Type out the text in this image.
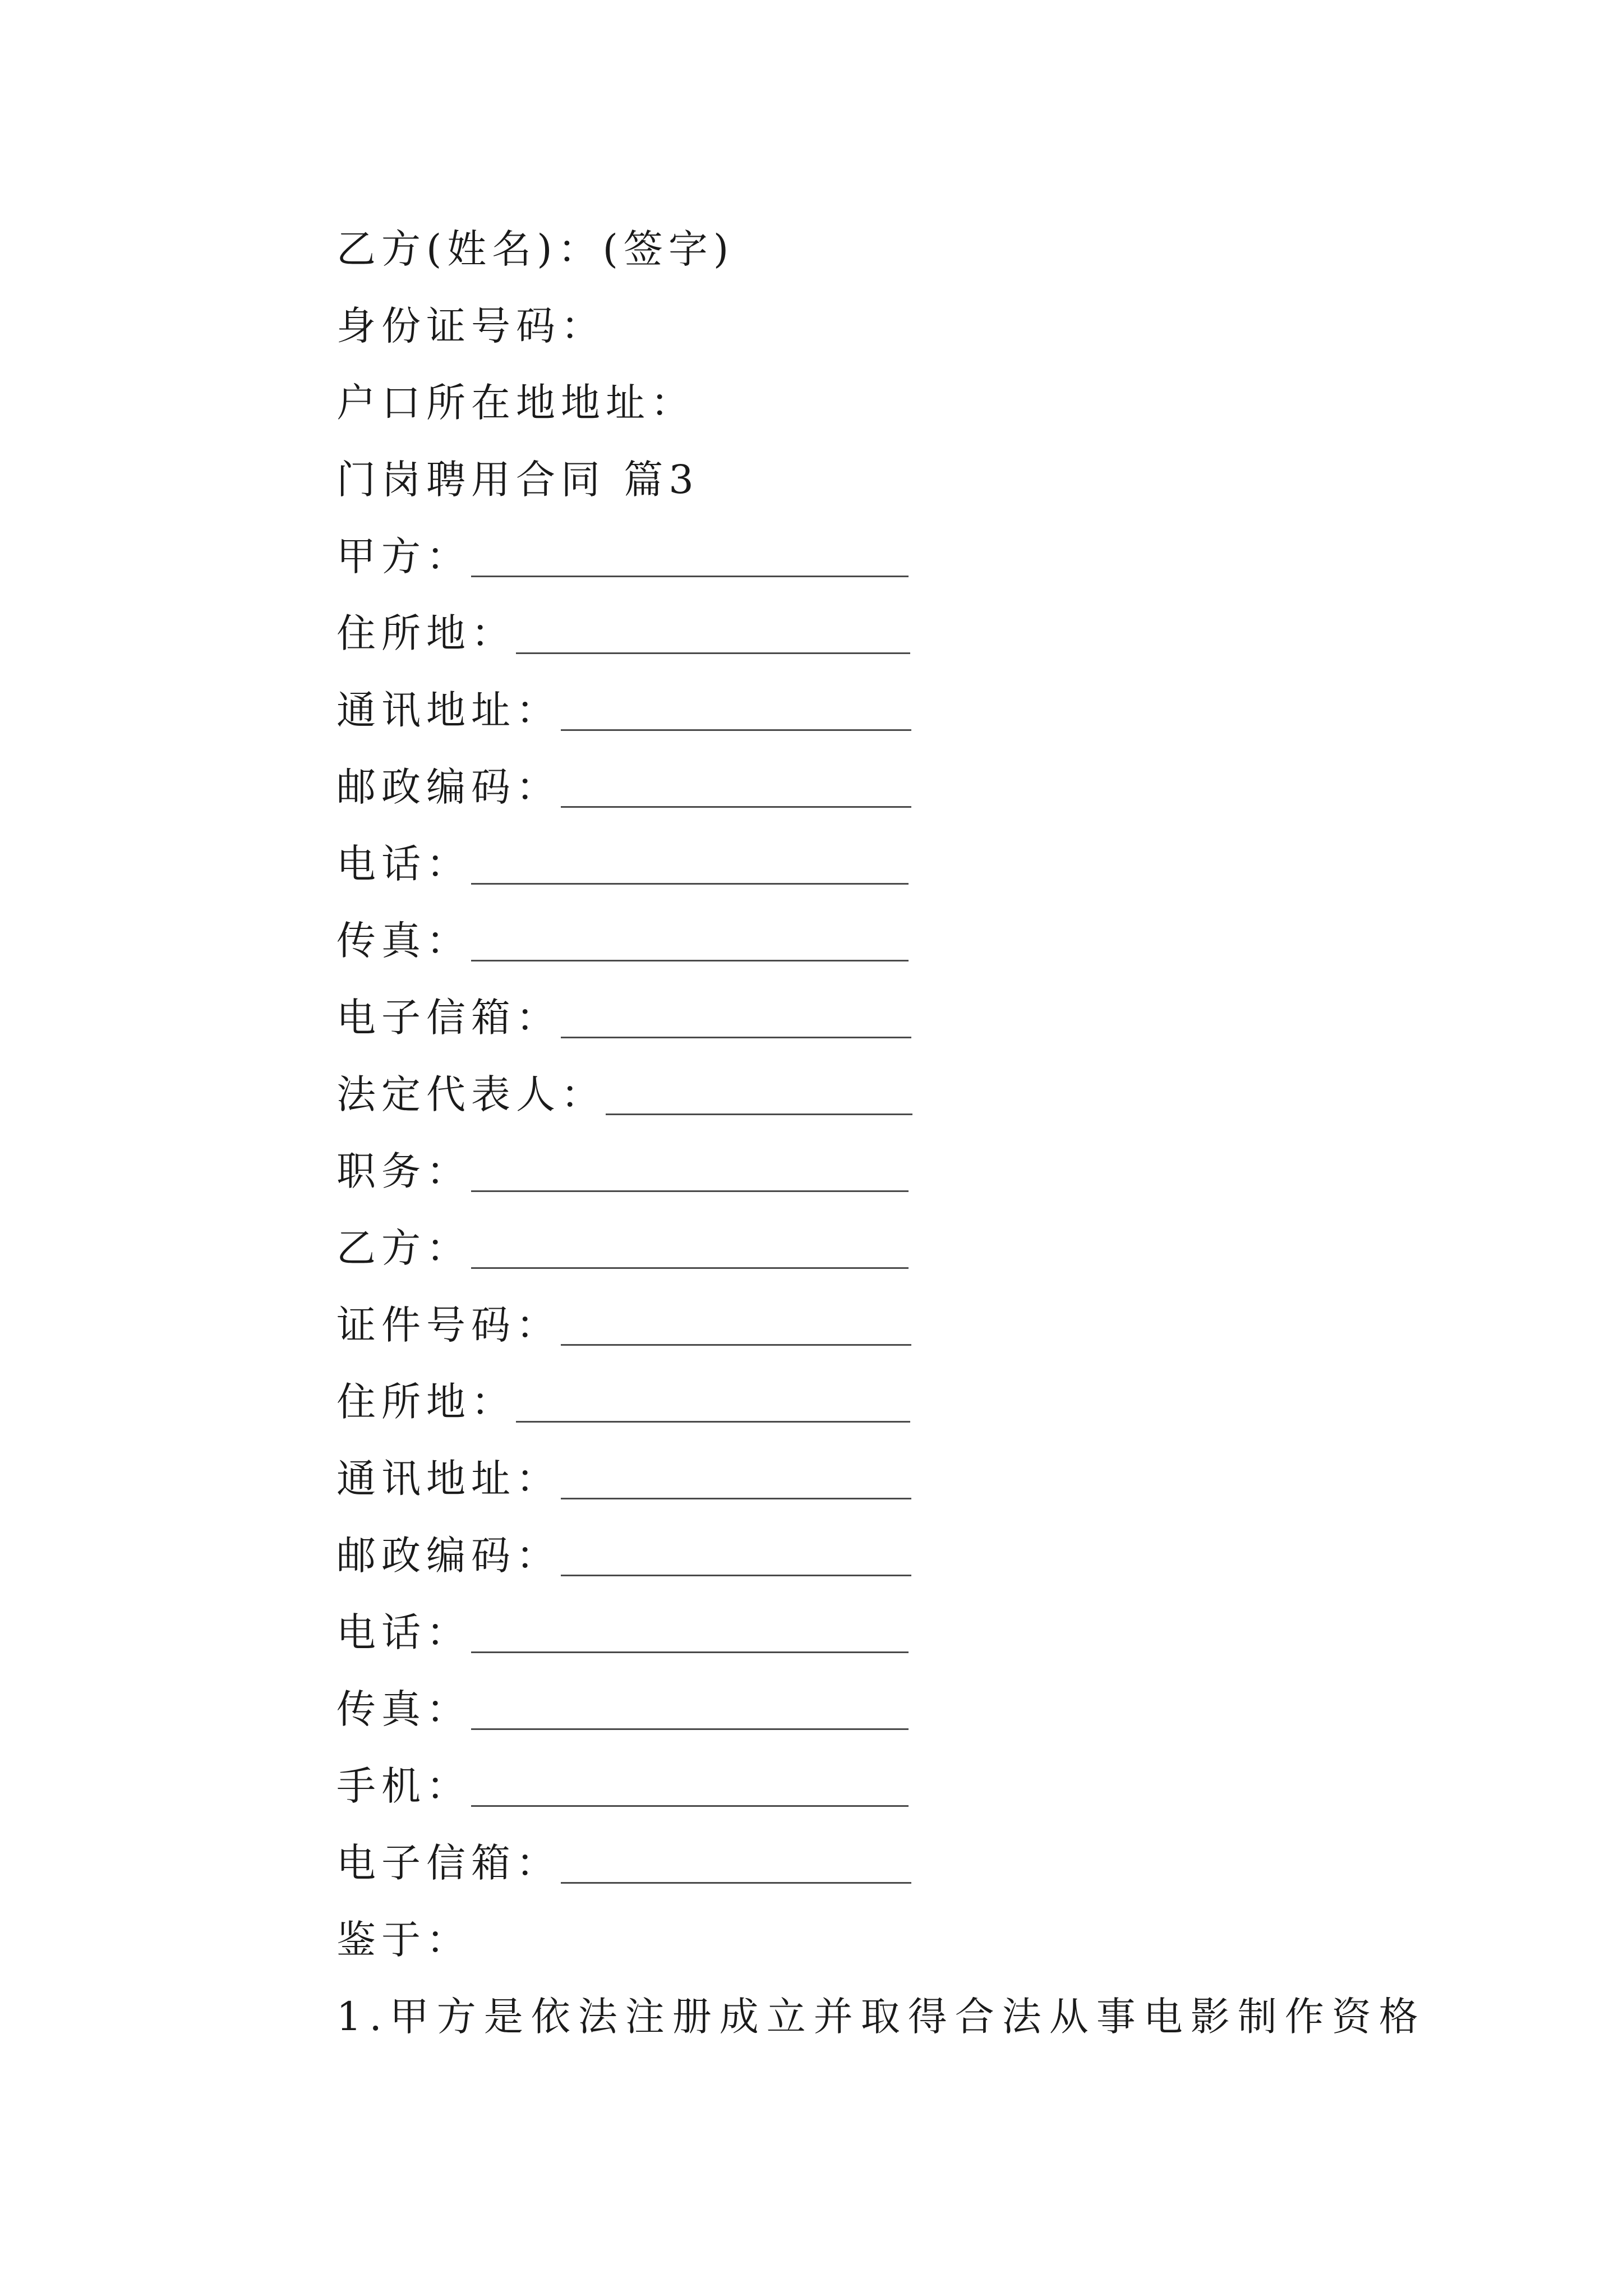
乙方(姓名)：(签字)
身份证号码：
户口所在地地址：
门岗聘用合同 篇3
甲方：
住所地：
通讯地址：
邮政编码：
电话：
传真：
电子信箱：
法定代表人：
职务：
乙方：
证件号码：
住所地：
通讯地址：
邮政编码：
电话：
传真：
手机：
电子信箱：
鉴于：
1.甲方是依法注册成立并取得合法从事电影制作资格
